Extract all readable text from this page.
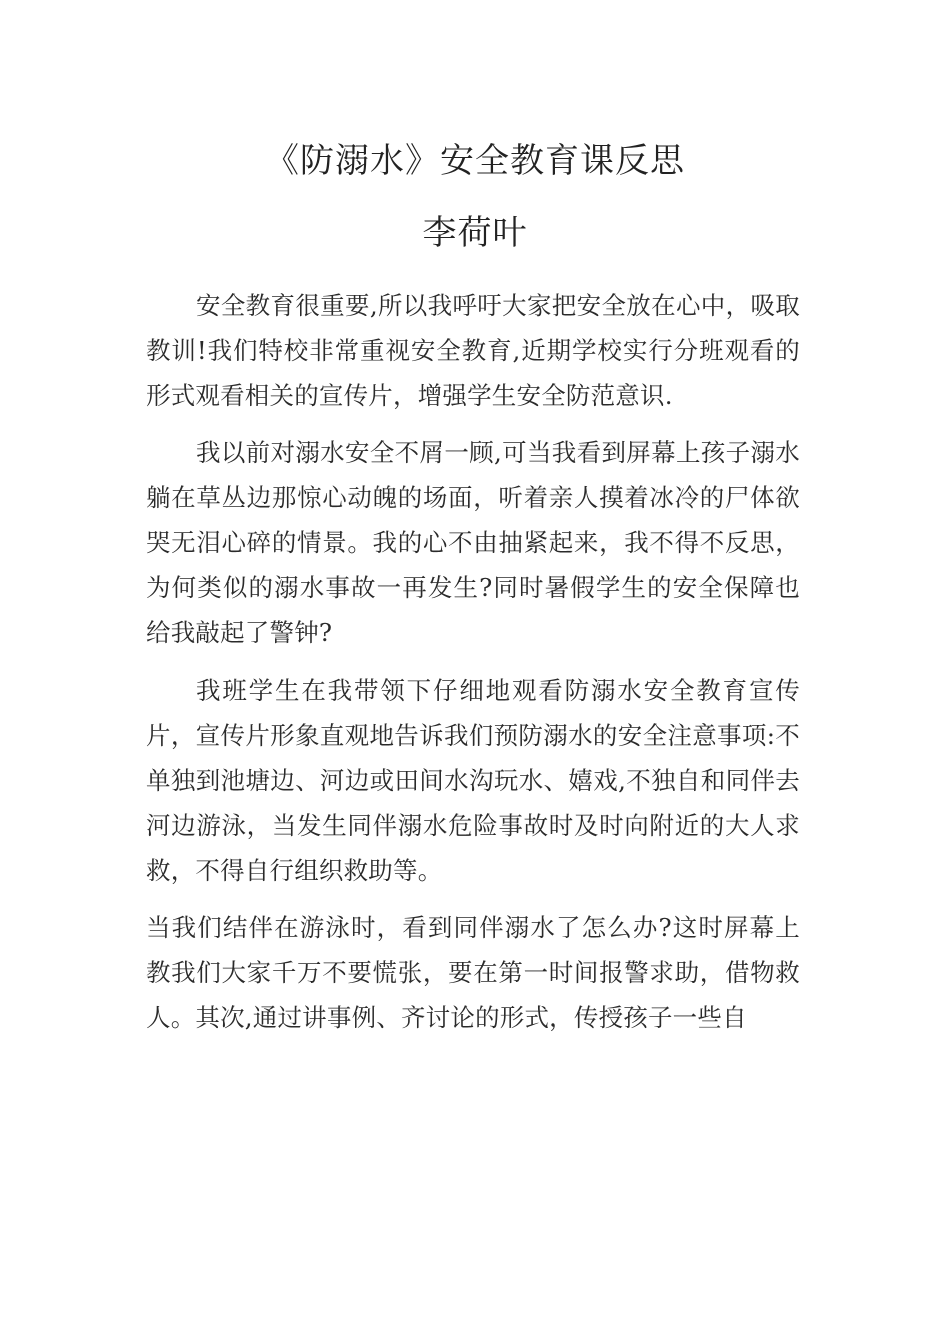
《防溺水》安全教育课反思
李荷叶

安全教育很重要,所以我呼吁大家把安全放在心中，吸取教训!我们特校非常重视安全教育,近期学校实行分班观看的形式观看相关的宣传片，增强学生安全防范意识.

我以前对溺水安全不屑一顾,可当我看到屏幕上孩子溺水躺在草丛边那惊心动魄的场面，听着亲人摸着冰冷的尸体欲哭无泪心碎的情景。我的心不由抽紧起来，我不得不反思，为何类似的溺水事故一再发生?同时暑假学生的安全保障也给我敲起了警钟?

我班学生在我带领下仔细地观看防溺水安全教育宣传片，宣传片形象直观地告诉我们预防溺水的安全注意事项:不单独到池塘边、河边或田间水沟玩水、嬉戏,不独自和同伴去河边游泳，当发生同伴溺水危险事故时及时向附近的大人求救，不得自行组织救助等。

当我们结伴在游泳时，看到同伴溺水了怎么办?这时屏幕上教我们大家千万不要慌张，要在第一时间报警求助，借物救人。其次,通过讲事例、齐讨论的形式，传授孩子一些自
